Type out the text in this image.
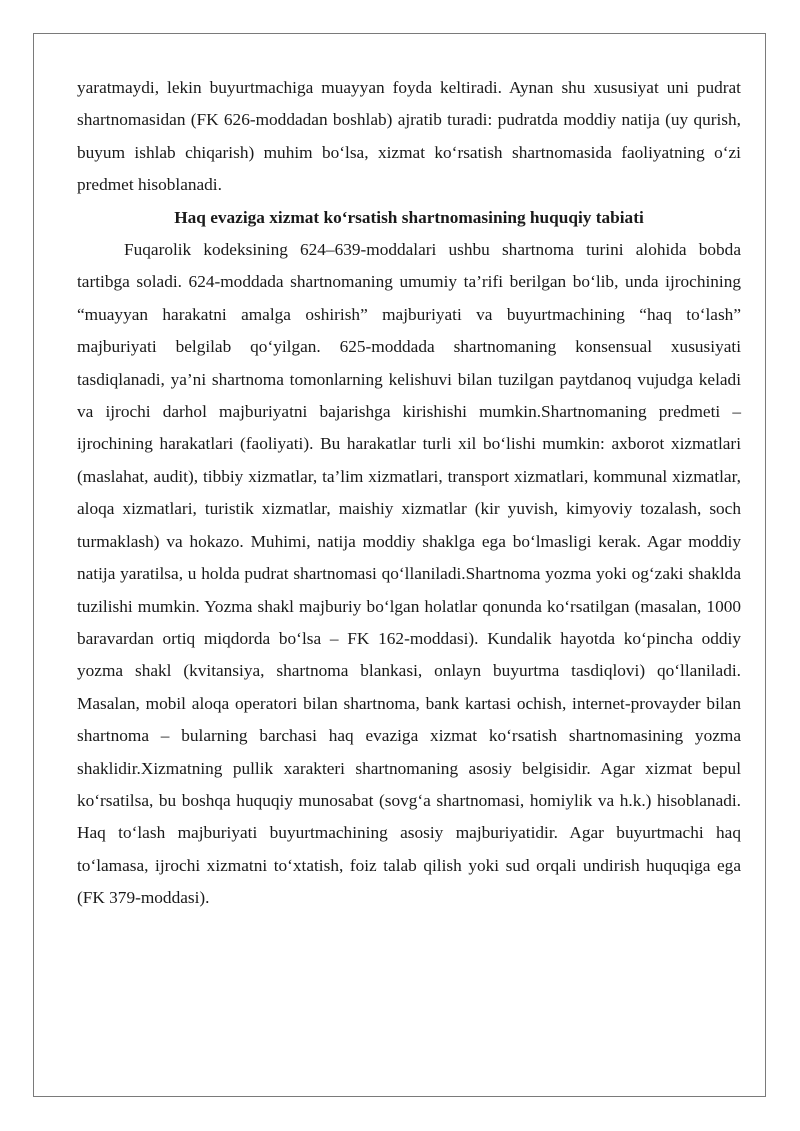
yaratmaydi, lekin buyurtmachiga muayyan foyda keltiradi. Aynan shu xususiyat uni pudrat shartnomasidan (FK 626-moddadan boshlab) ajratib turadi: pudratda moddiy natija (uy qurish, buyum ishlab chiqarish) muhim bo‘lsa, xizmat ko‘rsatish shartnomasida faoliyatning o‘zi predmet hisoblanadi.

Haq evaziga xizmat ko‘rsatish shartnomasining huquqiy tabiati

Fuqarolik kodeksining 624–639-moddalari ushbu shartnoma turini alohida bobda tartibga soladi. 624-moddada shartnomaning umumiy ta’rifi berilgan bo‘lib, unda ijrochining “muayyan harakatni amalga oshirish” majburiyati va buyurtmachining “haq to‘lash” majburiyati belgilab qo‘yilgan. 625-moddada shartnomaning konsensual xususiyati tasdiqlanadi, ya’ni shartnoma tomonlarning kelishuvi bilan tuzilgan paytdanoq vujudga keladi va ijrochi darhol majburiyatni bajarishga kirishishi mumkin.Shartnomaning predmeti – ijrochining harakatlari (faoliyati). Bu harakatlar turli xil bo‘lishi mumkin: axborot xizmatlari (maslahat, audit), tibbiy xizmatlar, ta’lim xizmatlari, transport xizmatlari, kommunal xizmatlar, aloqa xizmatlari, turistik xizmatlar, maishiy xizmatlar (kir yuvish, kimyoviy tozalash, soch turmaklash) va hokazo. Muhimi, natija moddiy shaklga ega bo‘lmasligi kerak. Agar moddiy natija yaratilsa, u holda pudrat shartnomasi qo‘llaniladi.Shartnoma yozma yoki og‘zaki shaklda tuzilishi mumkin. Yozma shakl majburiy bo‘lgan holatlar qonunda ko‘rsatilgan (masalan, 1000 baravardan ortiq miqdorda bo‘lsa – FK 162-moddasi). Kundalik hayotda ko‘pincha oddiy yozma shakl (kvitansiya, shartnoma blankasi, onlayn buyurtma tasdiqlovi) qo‘llaniladi. Masalan, mobil aloqa operatori bilan shartnoma, bank kartasi ochish, internet-provayder bilan shartnoma – bularning barchasi haq evaziga xizmat ko‘rsatish shartnomasining yozma shaklidir.Xizmatning pullik xarakteri shartnomaning asosiy belgisidir. Agar xizmat bepul ko‘rsatilsa, bu boshqa huquqiy munosabat (sovg‘a shartnomasi, homiylik va h.k.) hisoblanadi. Haq to‘lash majburiyati buyurtmachining asosiy majburiyatidir. Agar buyurtmachi haq to‘lamasa, ijrochi xizmatni to‘xtatish, foiz talab qilish yoki sud orqali undirish huquqiga ega (FK 379-moddasi).
